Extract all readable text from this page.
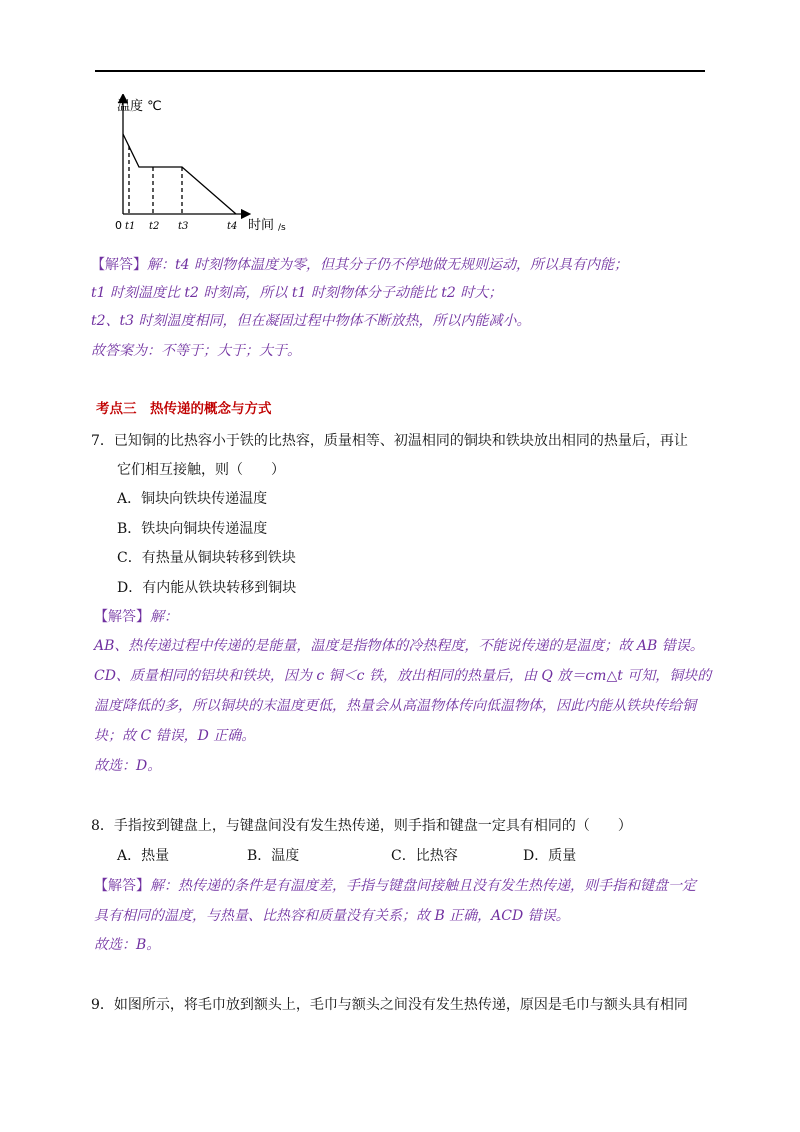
温度 ℃
0 t1 t2 t3	t4 时间 /s
【解答】解：t4 时刻物体温度为零，但其分子仍不停地做无规则运动，所以具有内能；
t1 时刻温度比 t2 时刻高，所以 t1 时刻物体分子动能比 t2 时大；
t2、t3 时刻温度相同，但在凝固过程中物体不断放热，所以内能减小。
故答案为：不等于；大于；大于。
考点三　热传递的概念与方式
7．已知铜的比热容小于铁的比热容，质量相等、初温相同的铜块和铁块放出相同的热量后，再让
它们相互接触，则（　　）
A．铜块向铁块传递温度
B．铁块向铜块传递温度
C．有热量从铜块转移到铁块
D．有内能从铁块转移到铜块
【解答】解：
AB、热传递过程中传递的是能量，温度是指物体的冷热程度，不能说传递的是温度；故 AB 错误。
CD、质量相同的铝块和铁块，因为 c 铜＜c 铁，放出相同的热量后，由 Q 放＝cm△t 可知，铜块的
温度降低的多，所以铜块的末温度更低，热量会从高温物体传向低温物体，因此内能从铁块传给铜
块；故 C 错误，D 正确。
故选：D。
8．手指按到键盘上，与键盘间没有发生热传递，则手指和键盘一定具有相同的（　　）
A．热量	B．温度	C．比热容	D．质量
【解答】解：热传递的条件是有温度差，手指与键盘间接触且没有发生热传递，则手指和键盘一定
具有相同的温度，与热量、比热容和质量没有关系；故 B 正确，ACD 错误。
故选：B。
9．如图所示，将毛巾放到额头上，毛巾与额头之间没有发生热传递，原因是毛巾与额头具有相同
